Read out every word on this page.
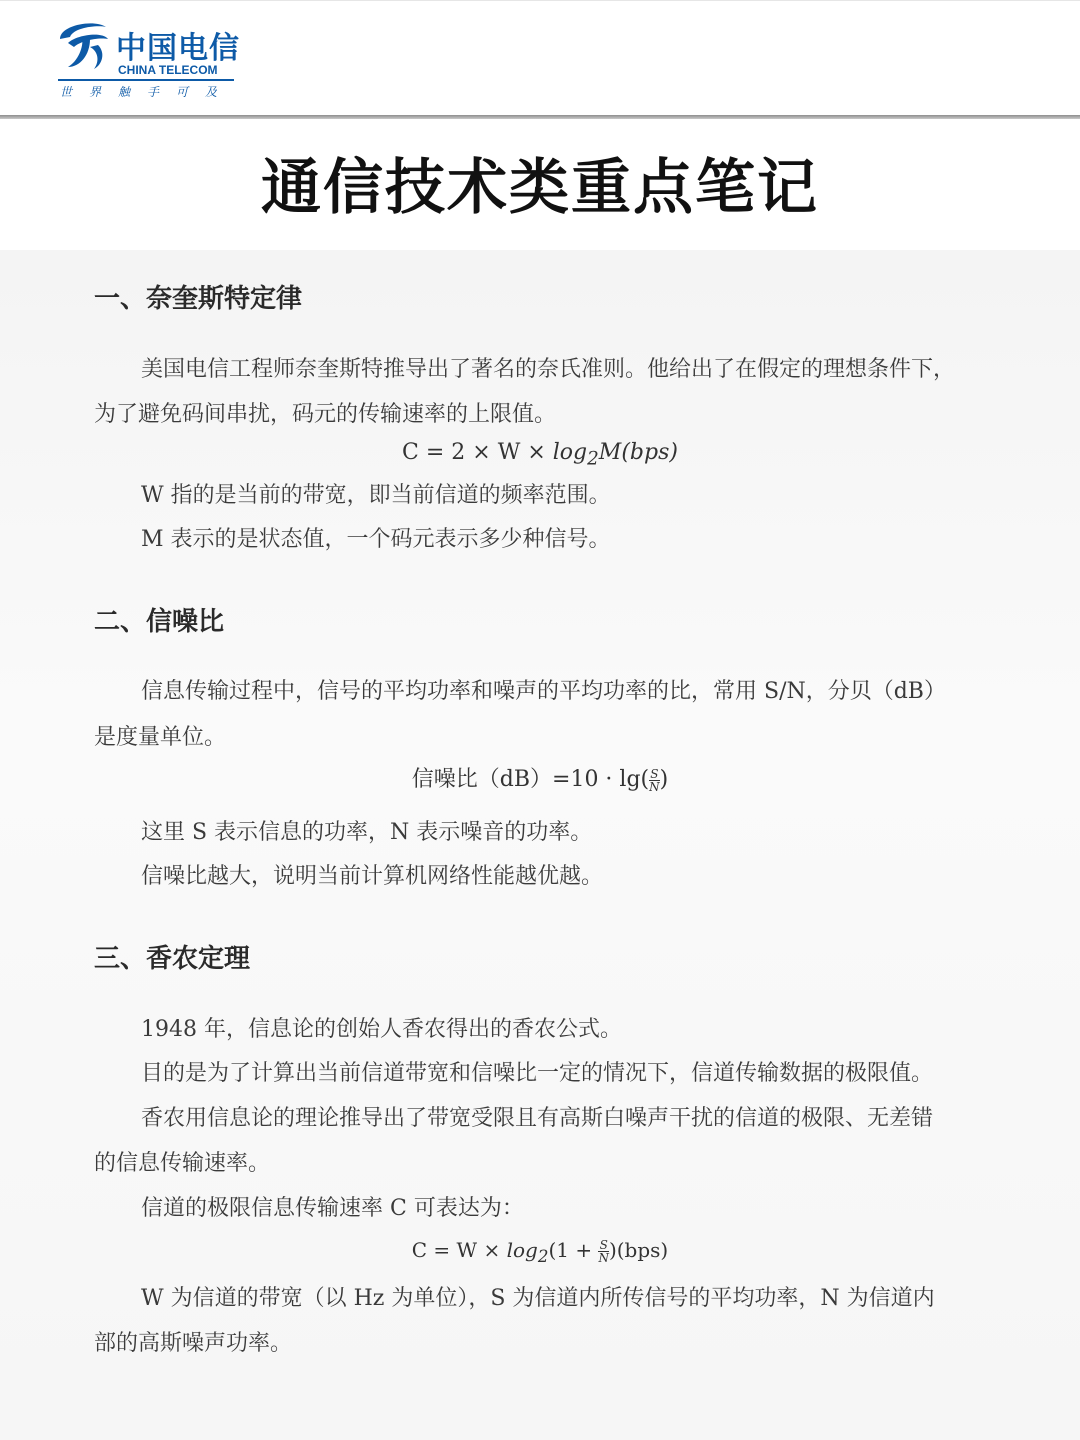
中国电信
CHINA TELECOM
世界触手可及
通信技术类重点笔记
一、奈奎斯特定律

美国电信工程师奈奎斯特推导出了著名的奈氏准则。他给出了在假定的理想条件下，

为了避免码间串扰，码元的传输速率的上限值。

$C = 2 \times W \times \log_2M(bps)$

W 指的是当前的带宽，即当前信道的频率范围。

M 表示的是状态值，一个码元表示多少种信号。

二、信噪比

信息传输过程中，信号的平均功率和噪声的平均功率的比，常用 S/N，分贝（dB）

是度量单位。

信噪比$(dB)=10 \cdot \lg( \frac{S}{N}$ )

这里 S 表示信息的功率，N 表示噪音的功率。

信噪比越大，说明当前计算机网络性能越优越。

三、香农定理

1948 年，信息论的创始人香农得出的香农公式。

目的是为了计算出当前信道带宽和信噪比一定的情况下，信道传输数据的极限值。

香农用信息论的理论推导出了带宽受限且有高斯白噪声干扰的信道的极限、无差错

的信息传输速率。

信道的极限信息传输速率 C 可表达为：

$C = W \times \log_2(1 + \frac{S}{N} )(bps)$

W 为信道的带宽（以 Hz 为单位），S 为信道内所传信号的平均功率，N 为信道内

部的高斯噪声功率。
